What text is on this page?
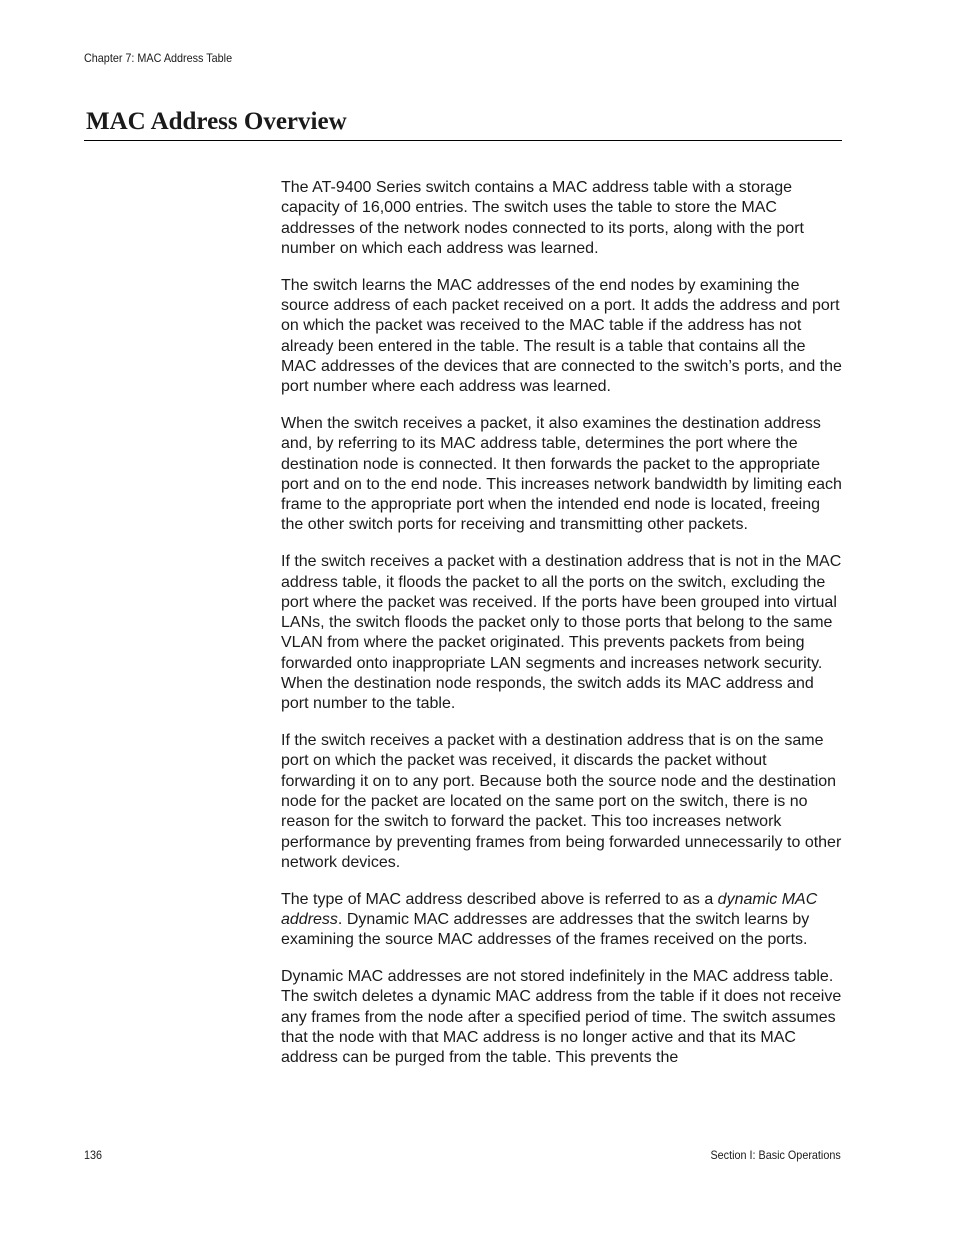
Chapter 7: MAC Address Table
MAC Address Overview

The AT-9400 Series switch contains a MAC address table with a storage capacity of 16,000 entries. The switch uses the table to store the MAC addresses of the network nodes connected to its ports, along with the port number on which each address was learned.

The switch learns the MAC addresses of the end nodes by examining the source address of each packet received on a port. It adds the address and port on which the packet was received to the MAC table if the address has not already been entered in the table. The result is a table that contains all the MAC addresses of the devices that are connected to the switch’s ports, and the port number where each address was learned.

When the switch receives a packet, it also examines the destination address and, by referring to its MAC address table, determines the port where the destination node is connected. It then forwards the packet to the appropriate port and on to the end node. This increases network bandwidth by limiting each frame to the appropriate port when the intended end node is located, freeing the other switch ports for receiving and transmitting other packets.

If the switch receives a packet with a destination address that is not in the MAC address table, it floods the packet to all the ports on the switch, excluding the port where the packet was received. If the ports have been grouped into virtual LANs, the switch floods the packet only to those ports that belong to the same VLAN from where the packet originated. This prevents packets from being forwarded onto inappropriate LAN segments and increases network security. When the destination node responds, the switch adds its MAC address and port number to the table.

If the switch receives a packet with a destination address that is on the same port on which the packet was received, it discards the packet without forwarding it on to any port. Because both the source node and the destination node for the packet are located on the same port on the switch, there is no reason for the switch to forward the packet. This too increases network performance by preventing frames from being forwarded unnecessarily to other network devices.

The type of MAC address described above is referred to as a dynamic MAC address. Dynamic MAC addresses are addresses that the switch learns by examining the source MAC addresses of the frames received on the ports.

Dynamic MAC addresses are not stored indefinitely in the MAC address table. The switch deletes a dynamic MAC address from the table if it does not receive any frames from the node after a specified period of time. The switch assumes that the node with that MAC address is no longer active and that its MAC address can be purged from the table. This prevents the

136	Section I: Basic Operations
